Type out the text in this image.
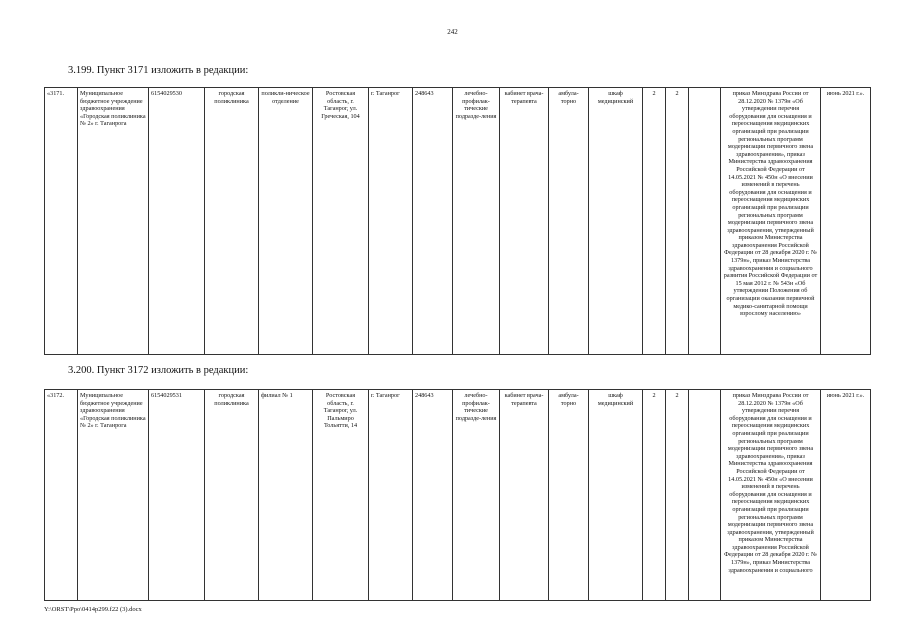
242
3.199. Пункт 3171 изложить в редакции:
«3171.	Муниципальное бюджетное учреждение здравоохранения «Городская поликлиника № 2» г. Таганрога	6154029530	городская поликлиника	поликли-ническое отделение	Ростовская область, г. Таганрог, ул. Греческая, 104	г. Таганрог	248643	лечебно-профилак-тические подразде-ления	кабинет врача-терапевта	амбула-торно	шкаф медицинский	2	2		приказ Минздрава России от 28.12.2020 № 1379н «Об утверждении перечня оборудования для оснащения и переоснащения медицинских организаций при реализации региональных программ модернизации первичного звена здравоохранения», приказ Министерства здравоохранения Российской Федерации от 14.05.2021 № 450н «О внесении изменений в перечень оборудования для оснащения и переоснащения медицинских организаций при реализации региональных программ модернизации первичного звена здравоохранения, утвержденный приказом Министерства здравоохранения Российской Федерации от 28 декабря 2020 г. № 1379н», приказ Министерства здравоохранения и социального развития Российской Федерации от 15 мая 2012 г. № 543н «Об утверждении Положения об организации оказания первичной медико-санитарной помощи взрослому населению»	июнь 2021 г.».
3.200. Пункт 3172 изложить в редакции:
«3172.	Муниципальное бюджетное учреждение здравоохранения «Городская поликлиника № 2» г. Таганрога	6154029531	городская поликлиника	филиал № 1	Ростовская область, г. Таганрог, ул. Пальмиро Тольятти, 14	г. Таганрог	248643	лечебно-профилак-тические подразде-ления	кабинет врача-терапевта	амбула-торно	шкаф медицинский	2	2		приказ Минздрава России от 28.12.2020 № 1379н «Об утверждении перечня оборудования для оснащения и переоснащения медицинских организаций при реализации региональных программ модернизации первичного звена здравоохранения», приказ Министерства здравоохранения Российской Федерации от 14.05.2021 № 450н «О внесении изменений в перечень оборудования для оснащения и переоснащения медицинских организаций при реализации региональных программ модернизации первичного звена здравоохранения, утвержденный приказом Министерства здравоохранения Российской Федерации от 28 декабря 2020 г. № 1379н», приказ Министерства здравоохранения и социального	июнь 2021 г.».
Y:\ORST\Ppo\0414p299.f22 (3).docx
